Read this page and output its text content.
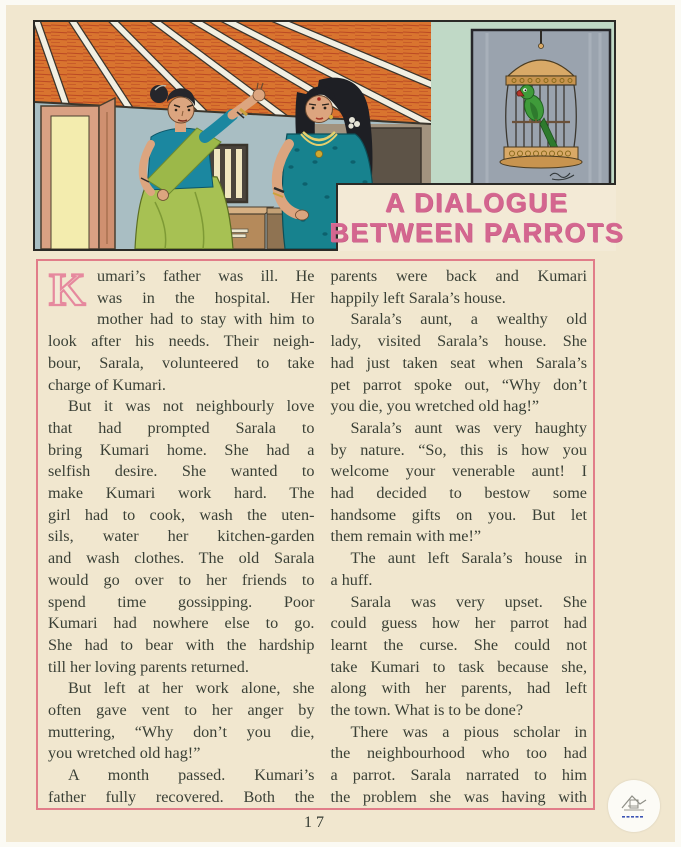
A DIALOGUE
BETWEEN PARROTS
K umari’s father was ill. He
was in the hospital. Her
mother had to stay with him to
look after his needs. Their neigh-
bour, Sarala, volunteered to take
charge of Kumari.
But it was not neighbourly love
that had prompted Sarala to
bring Kumari home. She had a
selfish desire. She wanted to
make Kumari work hard. The
girl had to cook, wash the uten-
sils, water her kitchen-garden
and wash clothes. The old Sarala
would go over to her friends to
spend time gossipping. Poor
Kumari had nowhere else to go.
She had to bear with the hardship
till her loving parents returned.
But left at her work alone, she
often gave vent to her anger by
muttering, “Why don’t you die,
you wretched old hag!”
A month passed. Kumari’s
father fully recovered. Both the
parents were back and Kumari
happily left Sarala’s house.
Sarala’s aunt, a wealthy old
lady, visited Sarala’s house. She
had just taken seat when Sarala’s
pet parrot spoke out, “Why don’t
you die, you wretched old hag!”
Sarala’s aunt was very haughty
by nature. “So, this is how you
welcome your venerable aunt! I
had decided to bestow some
handsome gifts on you. But let
them remain with me!”
The aunt left Sarala’s house in
a huff.
Sarala was very upset. She
could guess how her parrot had
learnt the curse. She could not
take Kumari to task because she,
along with her parents, had left
the town. What is to be done?
There was a pious scholar in
the neighbourhood who too had
a parrot. Sarala narrated to him
the problem she was having with
17
